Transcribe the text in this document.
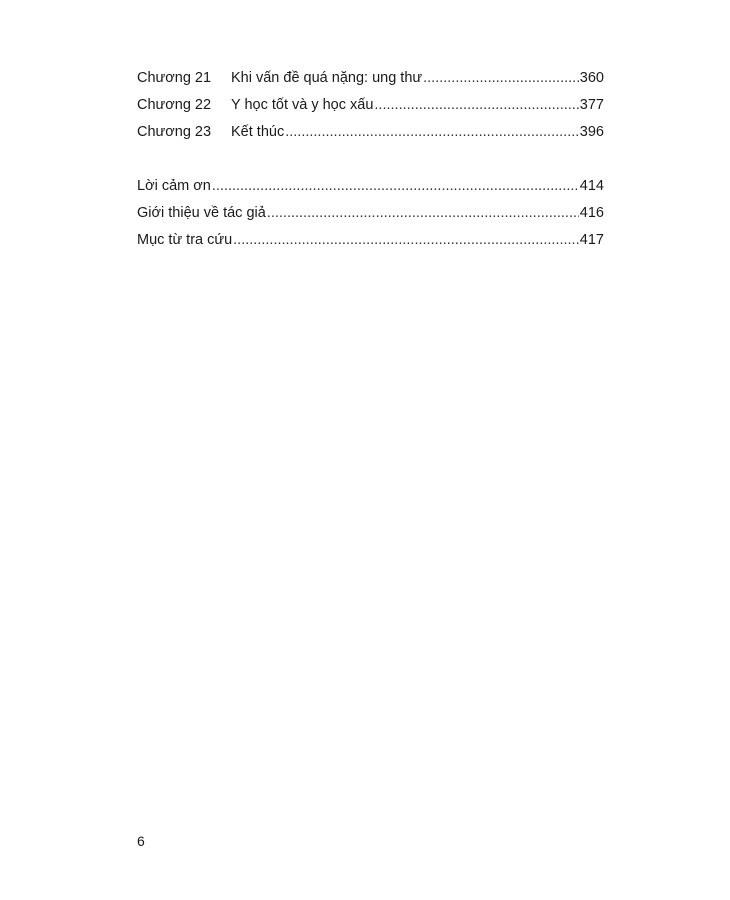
Chương 21	Khi vấn đề quá nặng: ung thư .....	360
Chương 22	Y học tốt và y học xấu .....	377
Chương 23	Kết thúc .....	396
Lời cảm ơn .....	414
Giới thiệu về tác giả .....	416
Mục từ tra cứu .....	417
6
